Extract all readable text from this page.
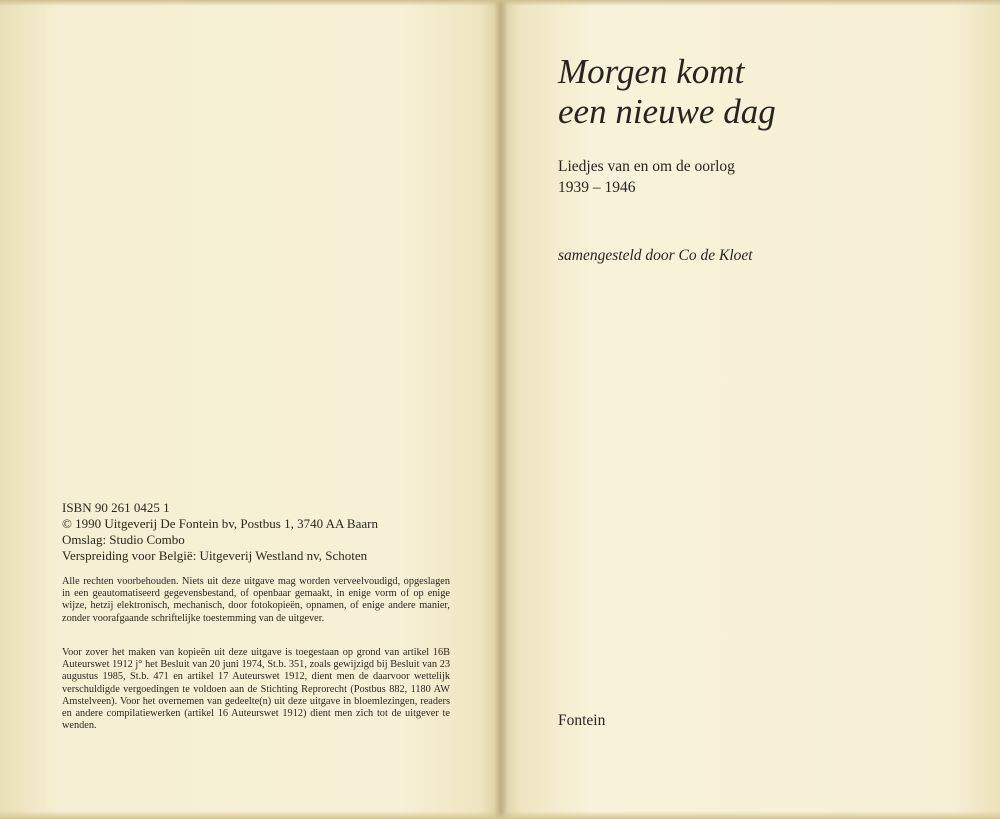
ISBN 90 261 0425 1
© 1990 Uitgeverij De Fontein bv, Postbus 1, 3740 AA Baarn
Omslag: Studio Combo
Verspreiding voor België: Uitgeverij Westland nv, Schoten
Alle rechten voorbehouden. Niets uit deze uitgave mag worden verveelvoudigd, opgeslagen in een geautomatiseerd gegevensbestand, of openbaar gemaakt, in enige vorm of op enige wijze, hetzij elektronisch, mechanisch, door fotokopieën, opnamen, of enige andere manier, zonder voorafgaande schriftelijke toestemming van de uitgever.
Voor zover het maken van kopieën uit deze uitgave is toegestaan op grond van artikel 16B Auteurswet 1912 j° het Besluit van 20 juni 1974, St.b. 351, zoals gewijzigd bij Besluit van 23 augustus 1985, St.b. 471 en artikel 17 Auteurswet 1912, dient men de daarvoor wettelijk verschuldigde vergoedingen te voldoen aan de Stichting Reprorecht (Postbus 882, 1180 AW Amstelveen). Voor het overnemen van gedeelte(n) uit deze uitgave in bloemlezingen, readers en andere compilatiewerken (artikel 16 Auteurswet 1912) dient men zich tot de uitgever te wenden.
Morgen komt
een nieuwe dag
Liedjes van en om de oorlog
1939 – 1946
samengesteld door Co de Kloet
Fontein
